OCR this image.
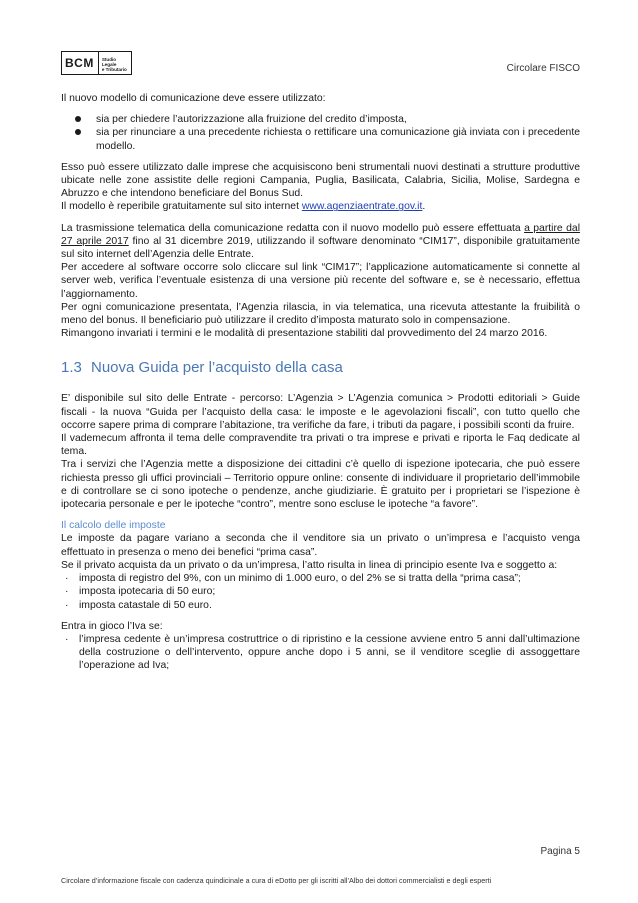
BCM	Studio Legale
e Tributario	Circolare FISCO

Il nuovo modello di comunicazione deve essere utilizzato:

sia per chiedere l’autorizzazione alla fruizione del credito d’imposta,
sia per rinunciare a una precedente richiesta o rettificare una comunicazione già inviata con i precedente modello.

Esso può essere utilizzato dalle imprese che acquisiscono beni strumentali nuovi destinati a strutture produttive ubicate nelle zone assistite delle regioni Campania, Puglia, Basilicata, Calabria, Sicilia, Molise, Sardegna e Abruzzo e che intendono beneficiare del Bonus Sud.

Il modello è reperibile gratuitamente sul sito internet www.agenziaentrate.gov.it.

La trasmissione telematica della comunicazione redatta con il nuovo modello può essere effettuata a partire dal 27 aprile 2017 fino al 31 dicembre 2019, utilizzando il software denominato “CIM17”, disponibile gratuitamente sul sito internet dell’Agenzia delle Entrate.

Per accedere al software occorre solo cliccare sul link “CIM17”; l’applicazione automaticamente si connette al server web, verifica l’eventuale esistenza di una versione più recente del software e, se è necessario, effettua l’aggiornamento.

Per ogni comunicazione presentata, l’Agenzia rilascia, in via telematica, una ricevuta attestante la fruibilità o meno del bonus. Il beneficiario può utilizzare il credito d’imposta maturato solo in compensazione.

Rimangono invariati i termini e le modalità di presentazione stabiliti dal provvedimento del 24 marzo 2016.

1.3 Nuova Guida per l’acquisto della casa

E’ disponibile sul sito delle Entrate - percorso: L’Agenzia > L’Agenzia comunica > Prodotti editoriali > Guide fiscali - la nuova “Guida per l’acquisto della casa: le imposte e le agevolazioni fiscali”, con tutto quello che occorre sapere prima di comprare l’abitazione, tra verifiche da fare, i tributi da pagare, i possibili sconti da fruire.

Il vademecum affronta il tema delle compravendite tra privati o tra imprese e privati e riporta le Faq dedicate al tema.

Tra i servizi che l’Agenzia mette a disposizione dei cittadini c’è quello di ispezione ipotecaria, che può essere richiesta presso gli uffici provinciali – Territorio oppure online: consente di individuare il proprietario dell’immobile e di controllare se ci sono ipoteche o pendenze, anche giudiziarie. È gratuito per i proprietari se l’ispezione è ipotecaria personale e per le ipoteche “contro”, mentre sono escluse le ipoteche “a favore”.

Il calcolo delle imposte

Le imposte da pagare variano a seconda che il venditore sia un privato o un’impresa e l’acquisto venga effettuato in presenza o meno dei benefici “prima casa”.

Se il privato acquista da un privato o da un’impresa, l’atto risulta in linea di principio esente Iva e soggetto a:

· imposta di registro del 9%, con un minimo di 1.000 euro, o del 2% se si tratta della “prima casa”;
· imposta ipotecaria di 50 euro;
· imposta catastale di 50 euro.

Entra in gioco l’Iva se:

· l’impresa cedente è un’impresa costruttrice o di ripristino e la cessione avviene entro 5 anni dall’ultimazione della costruzione o dell’intervento, oppure anche dopo i 5 anni, se il venditore sceglie di assoggettare l’operazione ad Iva;
Pagina 5
Circolare d’informazione fiscale con cadenza quindicinale a cura di eDotto per gli iscritti all’Albo dei dottori commercialisti e degli esperti
